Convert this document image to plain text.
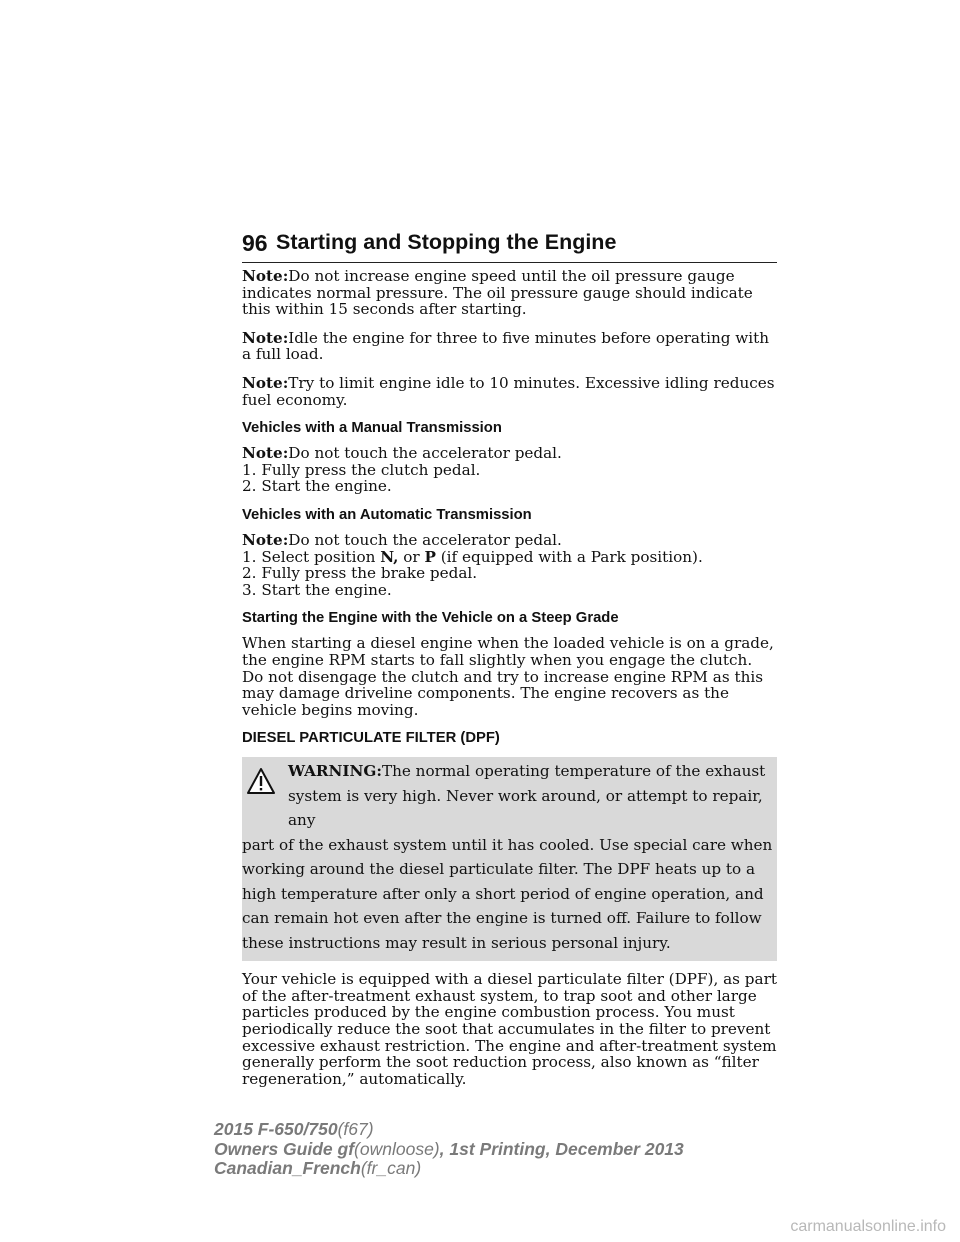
96 Starting and Stopping the Engine

Note:Do not increase engine speed until the oil pressure gauge indicates normal pressure. The oil pressure gauge should indicate this within 15 seconds after starting.

Note:Idle the engine for three to five minutes before operating with a full load.

Note:Try to limit engine idle to 10 minutes. Excessive idling reduces fuel economy.

Vehicles with a Manual Transmission
Note:Do not touch the accelerator pedal.
1. Fully press the clutch pedal.
2. Start the engine.
Vehicles with an Automatic Transmission
Note:Do not touch the accelerator pedal.
1. Select position N, or P (if equipped with a Park position).
2. Fully press the brake pedal.
3. Start the engine.
Starting the Engine with the Vehicle on a Steep Grade

When starting a diesel engine when the loaded vehicle is on a grade, the engine RPM starts to fall slightly when you engage the clutch. Do not disengage the clutch and try to increase engine RPM as this may damage driveline components. The engine recovers as the vehicle begins moving.

DIESEL PARTICULATE FILTER (DPF)
WARNING:The normal operating temperature of the exhaust
system is very high. Never work around, or attempt to repair, any
part of the exhaust system until it has cooled. Use special care when working around the diesel particulate filter. The DPF heats up to a high temperature after only a short period of engine operation, and can remain hot even after the engine is turned off. Failure to follow these instructions may result in serious personal injury.

Your vehicle is equipped with a diesel particulate filter (DPF), as part of the after-treatment exhaust system, to trap soot and other large particles produced by the engine combustion process. You must periodically reduce the soot that accumulates in the filter to prevent excessive exhaust restriction. The engine and after-treatment system generally perform the soot reduction process, also known as “filter regeneration,” automatically.

2015 F-650/750(f67)
Owners Guide gf(ownloose), 1st Printing, December 2013
Canadian_French(fr_can)
carmanualsonline.info
